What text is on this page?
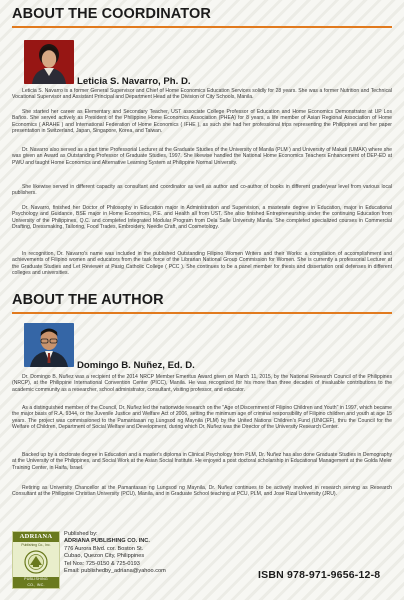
ABOUT THE COORDINATOR
Leticia S. Navarro, Ph. D.

Leticia S. Navarro is a former General Supervisor and Chief of Home Economics Education Services solidly for 28 years. She was a former Nutrition and Technical Vocational Supervisor and Assistant Principal and Department Head at the Division of City Schools, Manila.

She started her career as Elementary and Secondary Teacher, UST associate College Professor of Education and Home Economics Demonstrator at UP Los Baños. She served actively as President of the Philippine Home Economics Association (PHEA) for 8 years, a life member of Asian Regional Association of Home Economics ( ARAHE ) and International Federation of Home Economics ( IFHE ), as such she had her professional trips representing the Philippines and her paper presentation in Switzerland, Japan, Singapore, Korea, and Taiwan.

Dr. Navarro also served as a part time Professorial Lecturer at the Graduate Studies of the University of Manila (PLM ) and University of Makati (UMAK) where she was given an Award as Outstanding Professor of Graduate Studies, 1997. She likewise handled the National Home Economics Teachers Enhancement of DEP-ED at PWU and taught Home Economics and Alternative Learning System at Philippine Normal University.

She likewise served in different capacity as consultant and coordinator as well as author and co-author of books in different grade/year level from various local publishers.

Dr. Navarro, finished her Doctor of Philosophy in Education major in Administration and Supervision, a masterate degree in Education, major in Educational Psychology and Guidance, BSE major in Home Economics, P.E. and Health all from UST. She also finished Entrepreneurship under the continuing Education from University of the Philippines, Q.C. and completed Integrated Modular Program from Dela Salle University Manila. She completed specialized courses in Commercial Drafting, Dressmaking, Tailoring, Food Trades, Embroidery, Needle Craft, and Cosmetology.

In recognition, Dr. Navarro's name was included in the published Outstanding Filipino Women Writers and their Works: a compilation of accomplishment and achievements of Filipino women and educators from the task force of the Librarian National Group Commission for Women. She is currently a professorial Lecturer at the Graduate Studies and Let Reviewer at Pasig Catholic College ( PCC ). She continues to be a panel member for thesis and dissertation oral defenses in different colleges and universities.

ABOUT THE AUTHOR
Domingo B. Nuñez, Ed. D.

Dr. Domingo B. Nuñez was a recipient of the 2014 NRCP Member Emeritus Award given on March 11, 2015, by the National Research Council of the Philippines (NRCP), at the Philippine International Convention Center (PICC), Manila. He was recognized for his more than three decades of invaluable contributions to the academic community as a researcher, school administrator, consultant, visiting professor, and educator.

As a distinguished member of the Council, Dr. Nuñez led the nationwide research on the "Age of Discernment of Filipino Children and Youth" in 1997, which became the major basis of R.A. 9344, or the Juvenile Justice and Welfare Act of 2006, setting the minimum age of criminal responsibility of Filipino children and youth at age 15 years. The project was commissioned to the Pamantasan ng Lungsod ng Maynila (PLM) by the United Nations Children's Fund (UNICEF), thru the Council for the Welfare of Children, Department of Social Welfare and Development, during which Dr. Nuñez was the Director of the University Research Center.

Backed up by a doctorate degree in Education and a master's diploma in Clinical Psychology from PLM, Dr. Nuñez has also done Graduate Studies in Demography at the University of the Philippines, and Social Work at the Asian Social Institute. He enjoyed a post doctoral scholarship in Educational Management at the Golda Meier Training Center, in Haifa, Israel.

Retiring as University Chancellor at the Pamantasan ng Lungsod ng Maynila, Dr. Nuñez continues to be actively involved in research serving as Research Consultant at the Philippine Christian University (PCU), Manila, and in Graduate School teaching at PCU, PLM, and Jose Rizal University (JRU).

ADRIANA
Publishing Co., Inc.
PUBLISHING
CO., INC.
Published by:
ADRIANA PUBLISHING CO. INC.
776 Aurora Blvd. cor. Boston St.
Cubao, Quezon City, Philippines
Tel Nos: 725-0150 & 725-0193
Email: publishedby_adriana@yahoo.com	ISBN 978-971-9656-12-8
